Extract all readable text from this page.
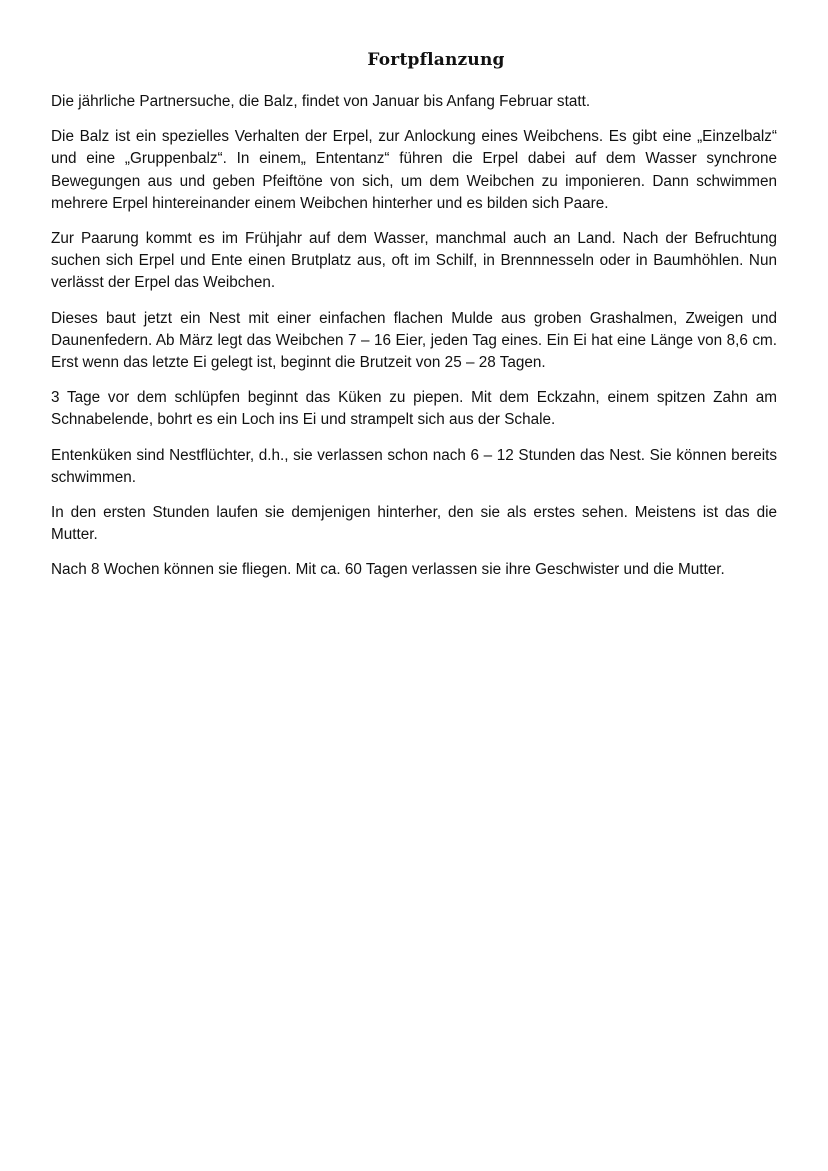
Fortpflanzung

Die jährliche Partnersuche, die Balz, findet von Januar bis Anfang Februar statt.

Die Balz ist ein spezielles Verhalten der Erpel, zur Anlockung eines Weibchens. Es gibt eine „Einzelbalz“ und eine „Gruppenbalz“. In einem„ Ententanz“ führen die Erpel dabei auf dem Wasser synchrone Bewegungen aus und geben Pfeiftöne von sich, um dem Weibchen zu imponieren. Dann schwimmen mehrere Erpel hintereinander einem Weibchen hinterher und es bilden sich Paare.

Zur Paarung kommt es im Frühjahr auf dem Wasser, manchmal auch an Land. Nach der Befruchtung suchen sich Erpel und Ente einen Brutplatz aus, oft im Schilf, in Brennnesseln oder in Baumhöhlen. Nun verlässt der Erpel das Weibchen.

Dieses baut jetzt ein Nest mit einer einfachen flachen Mulde aus groben Grashalmen, Zweigen und Daunenfedern. Ab März legt das Weibchen 7 – 16 Eier, jeden Tag eines. Ein Ei hat eine Länge von 8,6 cm. Erst wenn das letzte Ei gelegt ist, beginnt die Brutzeit von 25 – 28 Tagen.

3 Tage vor dem schlüpfen beginnt das Küken zu piepen. Mit dem Eckzahn, einem spitzen Zahn am Schnabelende, bohrt es ein Loch ins Ei und strampelt sich aus der Schale.

Entenküken sind Nestflüchter, d.h., sie verlassen schon nach 6 – 12 Stunden das Nest. Sie können bereits schwimmen.

In den ersten Stunden laufen sie demjenigen hinterher, den sie als erstes sehen. Meistens ist das die Mutter.

Nach 8 Wochen können sie fliegen. Mit ca. 60 Tagen verlassen sie ihre Geschwister und die Mutter.
